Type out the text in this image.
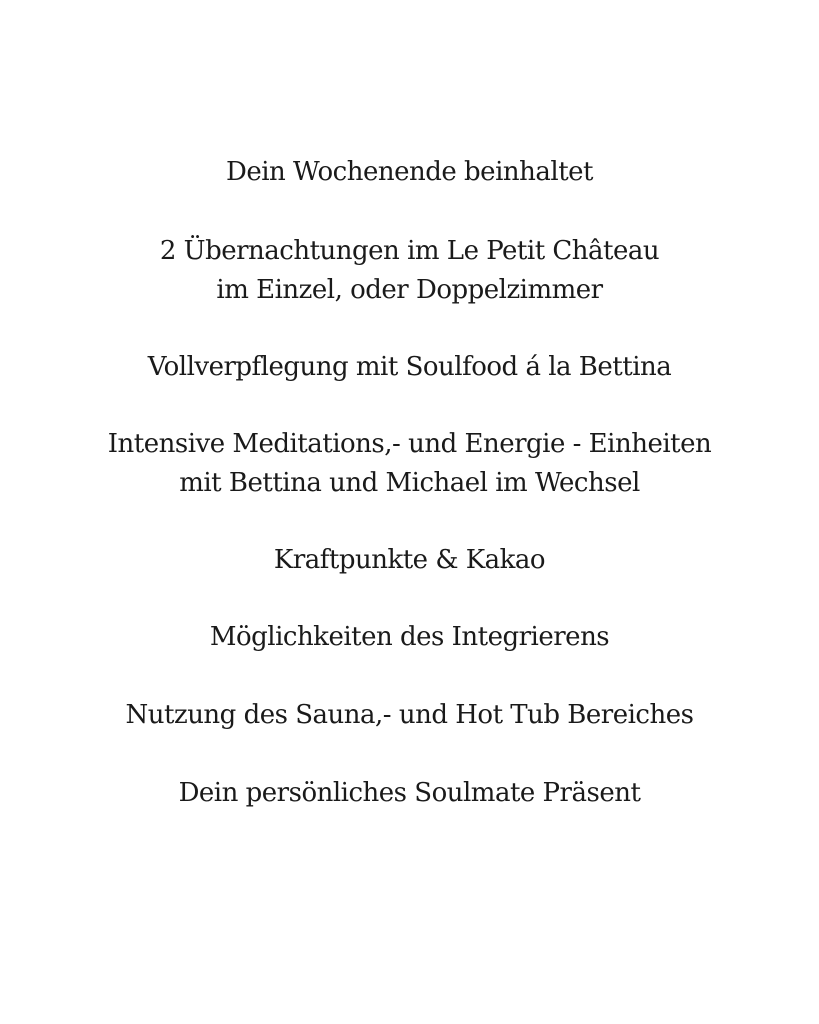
Dein Wochenende beinhaltet
2 Übernachtungen im Le Petit Château
im Einzel, oder Doppelzimmer
Vollverpflegung mit Soulfood á la Bettina
Intensive Meditations,- und Energie - Einheiten
mit Bettina und Michael im Wechsel
Kraftpunkte & Kakao
Möglichkeiten des Integrierens
Nutzung des Sauna,- und Hot Tub Bereiches
Dein persönliches Soulmate Präsent
